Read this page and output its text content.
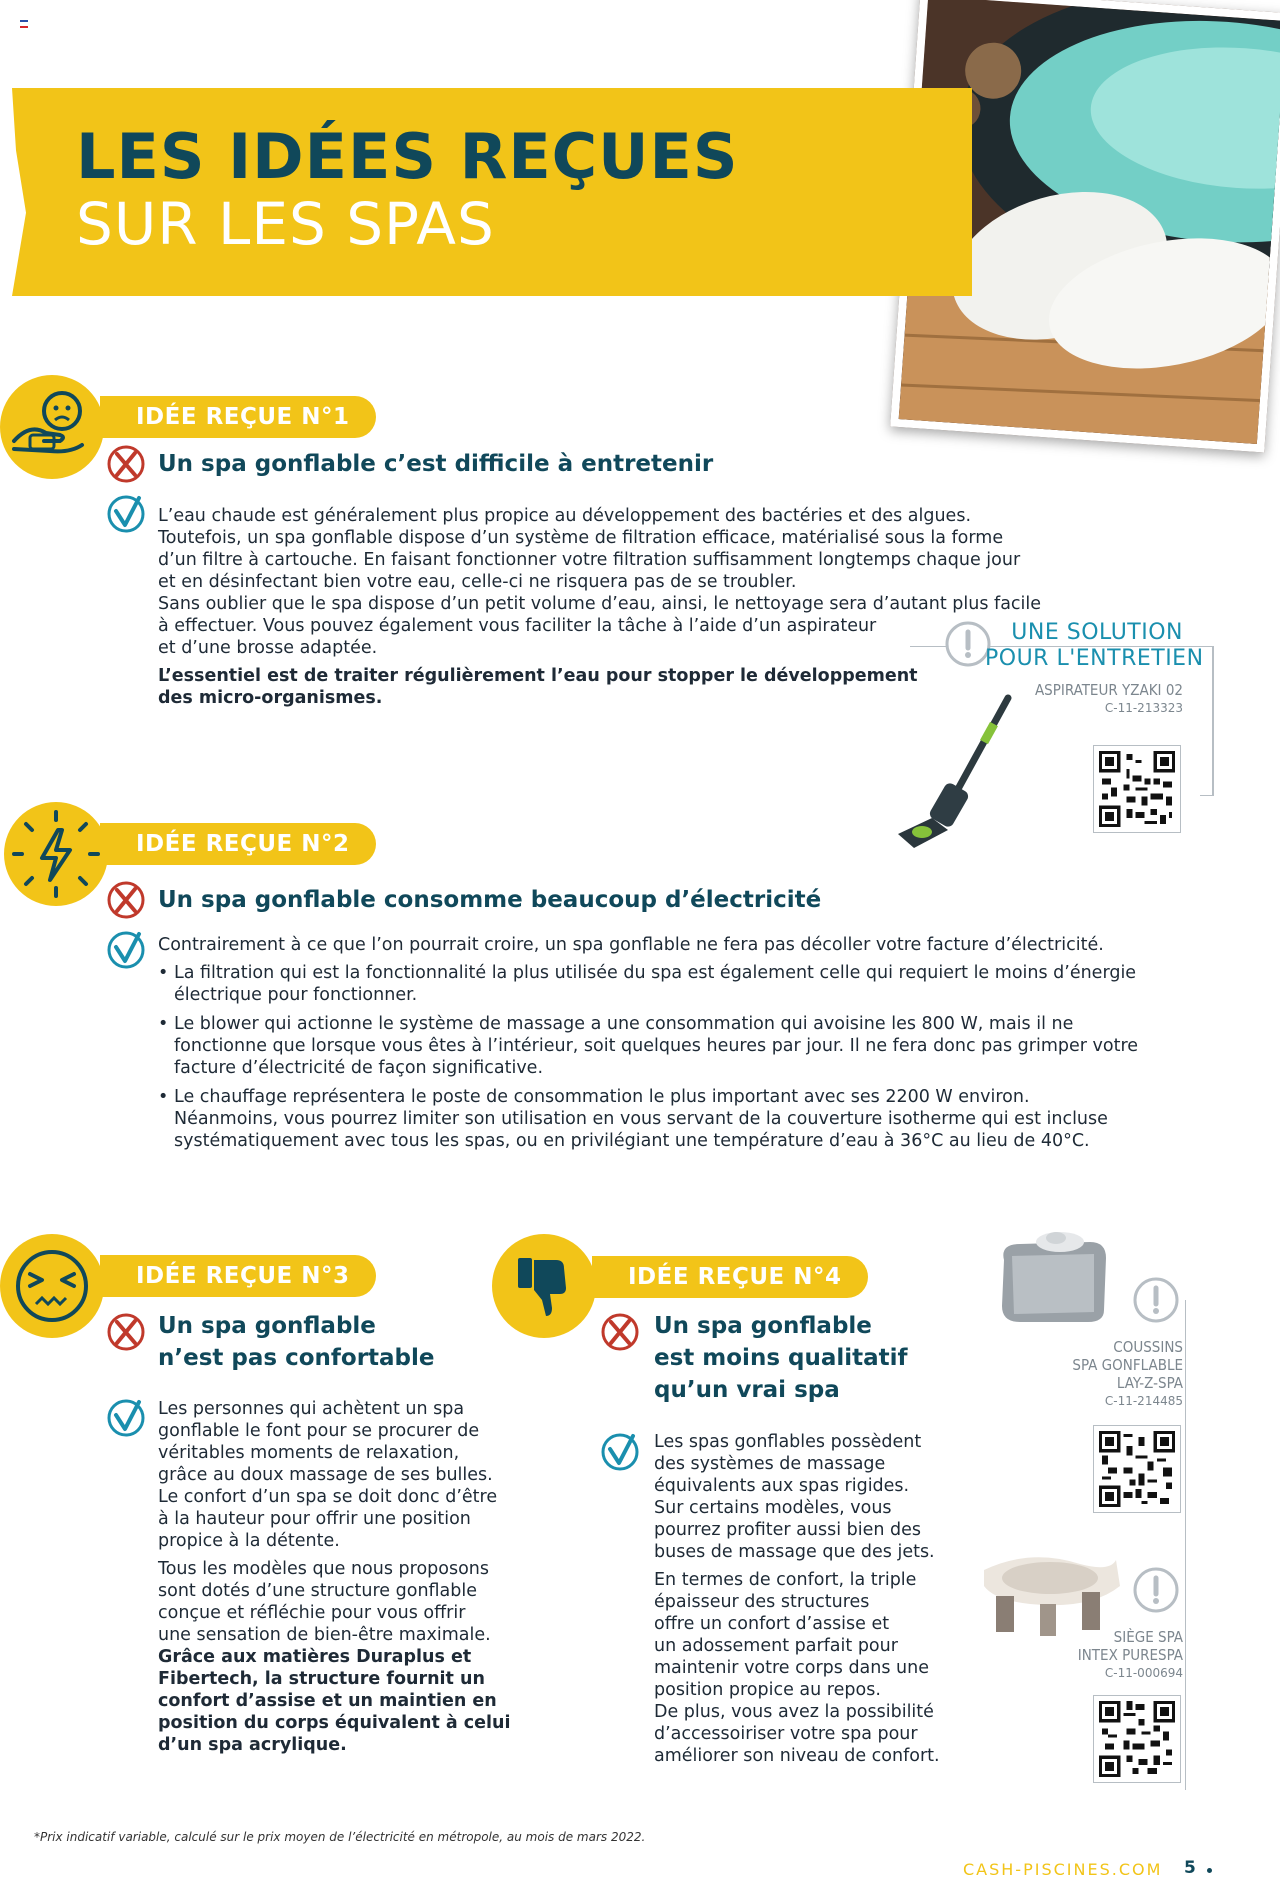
LES IDÉES REÇUES
SUR LES SPAS
IDÉE REÇUE N°1
Un spa gonflable c’est difficile à entretenir

L’eau chaude est généralement plus propice au développement des bactéries et des algues.

Toutefois, un spa gonflable dispose d’un système de filtration efficace, matérialisé sous la forme

d’un filtre à cartouche. En faisant fonctionner votre filtration suffisamment longtemps chaque jour

et en désinfectant bien votre eau, celle-ci ne risquera pas de se troubler.

Sans oublier que le spa dispose d’un petit volume d’eau, ainsi, le nettoyage sera d’autant plus facile

à effectuer. Vous pouvez également vous faciliter la tâche à l’aide d’un aspirateur

et d’une brosse adaptée.

L’essentiel est de traiter régulièrement l’eau pour stopper le développement

des micro-organismes.

UNE SOLUTION
POUR L'ENTRETIEN
ASPIRATEUR YZAKI 02
C-11-213323
IDÉE REÇUE N°2
Un spa gonflable consomme beaucoup d’électricité
Contrairement à ce que l’on pourrait croire, un spa gonflable ne fera pas décoller votre facture d’électricité.
• La filtration qui est la fonctionnalité la plus utilisée du spa est également celle qui requiert le moins d’énergie

électrique pour fonctionner.

• Le blower qui actionne le système de massage a une consommation qui avoisine les 800 W, mais il ne

fonctionne que lorsque vous êtes à l’intérieur, soit quelques heures par jour. Il ne fera donc pas grimper votre

facture d’électricité de façon significative.

• Le chauffage représentera le poste de consommation le plus important avec ses 2200 W environ.

Néanmoins, vous pourrez limiter son utilisation en vous servant de la couverture isotherme qui est incluse

systématiquement avec tous les spas, ou en privilégiant une température d’eau à 36°C au lieu de 40°C.

IDÉE REÇUE N°3
Un spa gonflable
n’est pas confortable

Les personnes qui achètent un spa

gonflable le font pour se procurer de

véritables moments de relaxation,

grâce au doux massage de ses bulles.

Le confort d’un spa se doit donc d’être

à la hauteur pour offrir une position

propice à la détente.

Tous les modèles que nous proposons

sont dotés d’une structure gonflable

conçue et réfléchie pour vous offrir

une sensation de bien-être maximale.

Grâce aux matières Duraplus et

Fibertech, la structure fournit un

confort d’assise et un maintien en

position du corps équivalent à celui

d’un spa acrylique.

IDÉE REÇUE N°4
Un spa gonflable
est moins qualitatif
qu’un vrai spa

Les spas gonflables possèdent

des systèmes de massage

équivalents aux spas rigides.

Sur certains modèles, vous

pourrez profiter aussi bien des

buses de massage que des jets.

En termes de confort, la triple

épaisseur des structures

offre un confort d’assise et

un adossement parfait pour

maintenir votre corps dans une

position propice au repos.

De plus, vous avez la possibilité

d’accessoiriser votre spa pour

améliorer son niveau de confort.

COUSSINS
SPA GONFLABLE
LAY-Z-SPA
C-11-214485
SIÈGE SPA
INTEX PURESPA
C-11-000694
*Prix indicatif variable, calculé sur le prix moyen de l’électricité en métropole, au mois de mars 2022.
CASH-PISCINES.COM 5
